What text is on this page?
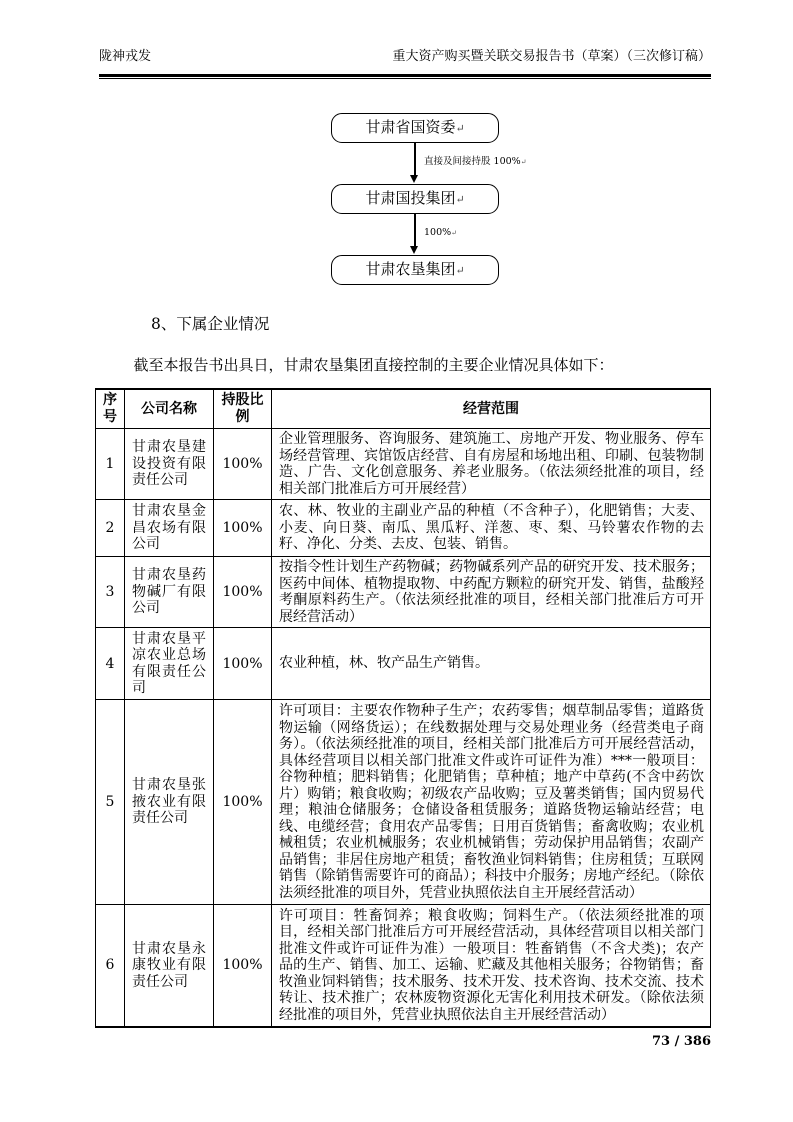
陇神戎发	重大资产购买暨关联交易报告书（草案）（三次修订稿）
甘肃省国资委↵
直接及间接持股 100%↵
甘肃国投集团↵
100%↵
甘肃农垦集团↵
8、下属企业情况
截至本报告书出具日，甘肃农垦集团直接控制的主要企业情况具体如下：
序号	公司名称	持股比例	经营范围
1	甘肃农垦建设投资有限责任公司	100%	企业管理服务、咨询服务、建筑施工、房地产开发、物业服务、停车场经营管理、宾馆饭店经营、自有房屋和场地出租、印刷、包装物制造、广告、文化创意服务、养老业服务。（依法须经批准的项目，经相关部门批准后方可开展经营）
2	甘肃农垦金昌农场有限公司	100%	农、林、牧业的主副业产品的种植（不含种子），化肥销售；大麦、小麦、向日葵、南瓜、黑瓜籽、洋葱、枣、梨、马铃薯农作物的去籽、净化、分类、去皮、包装、销售。
3	甘肃农垦药物碱厂有限公司	100%	按指令性计划生产药物碱；药物碱系列产品的研究开发、技术服务；医药中间体、植物提取物、中药配方颗粒的研究开发、销售，盐酸羟考酮原料药生产。（依法须经批准的项目，经相关部门批准后方可开展经营活动）
4	甘肃农垦平凉农业总场有限责任公司	100%	农业种植，林、牧产品生产销售。
5	甘肃农垦张掖农业有限责任公司	100%	许可项目：主要农作物种子生产；农药零售；烟草制品零售；道路货物运输（网络货运）；在线数据处理与交易处理业务（经营类电子商务）。（依法须经批准的项目，经相关部门批准后方可开展经营活动，具体经营项目以相关部门批准文件或许可证件为准）***一般项目：谷物种植；肥料销售；化肥销售；草种植；地产中草药(不含中药饮片）购销；粮食收购；初级农产品收购；豆及薯类销售；国内贸易代理；粮油仓储服务；仓储设备租赁服务；道路货物运输站经营；电线、电缆经营；食用农产品零售；日用百货销售；畜禽收购；农业机械租赁；农业机械服务；农业机械销售；劳动保护用品销售；农副产品销售；非居住房地产租赁；畜牧渔业饲料销售；住房租赁；互联网销售（除销售需要许可的商品）；科技中介服务；房地产经纪。（除依法须经批准的项目外，凭营业执照依法自主开展经营活动）
6	甘肃农垦永康牧业有限责任公司	100%	许可项目：牲畜饲养；粮食收购；饲料生产。（依法须经批准的项目，经相关部门批准后方可开展经营活动，具体经营项目以相关部门批准文件或许可证件为准）一般项目：牲畜销售（不含犬类)；农产品的生产、销售、加工、运输、贮藏及其他相关服务；谷物销售；畜牧渔业饲料销售；技术服务、技术开发、技术咨询、技术交流、技术转让、技术推广；农林废物资源化无害化利用技术研发。（除依法须经批准的项目外，凭营业执照依法自主开展经营活动）
73 / 386
